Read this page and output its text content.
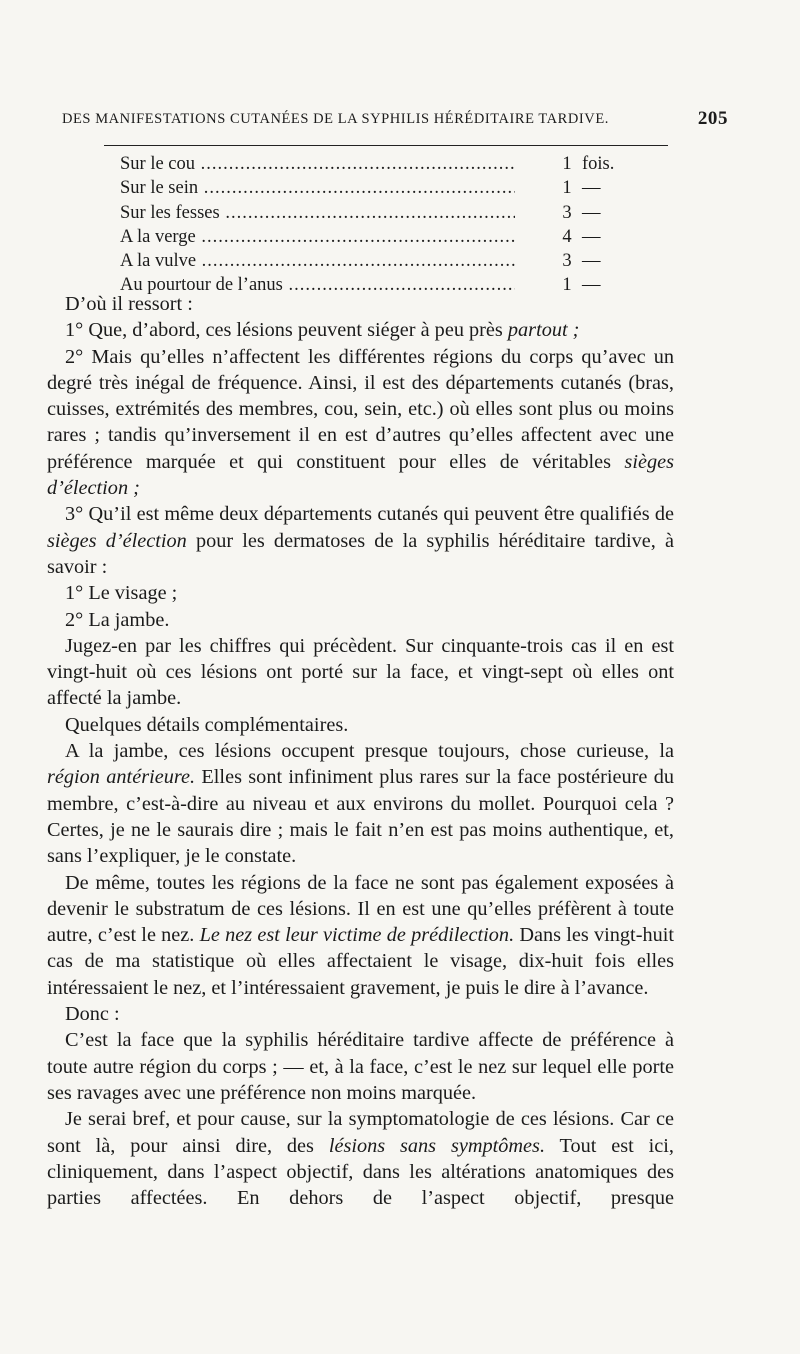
DES MANIFESTATIONS CUTANÉES DE LA SYPHILIS HÉRÉDITAIRE TARDIVE.	205
Sur le cou .....	1 fois.
Sur le sein .....	1 —
Sur les fesses .....	3 —
A la verge .....	4 —
A la vulve .....	3 —
Au pourtour de l’anus .....	1 —

D’où il ressort :

1° Que, d’abord, ces lésions peuvent siéger à peu près partout ;

2° Mais qu’elles n’affectent les différentes régions du corps qu’avec un degré très inégal de fréquence. Ainsi, il est des départements cutanés (bras, cuisses, extrémités des membres, cou, sein, etc.) où elles sont plus ou moins rares ; tandis qu’inversement il en est d’autres qu’elles affectent avec une préférence marquée et qui constituent pour elles de véritables sièges d’élection ;

3° Qu’il est même deux départements cutanés qui peuvent être qualifiés de sièges d’élection pour les dermatoses de la syphilis héréditaire tardive, à savoir :

1° Le visage ;

2° La jambe.

Jugez-en par les chiffres qui précèdent. Sur cinquante-trois cas il en est vingt-huit où ces lésions ont porté sur la face, et vingt-sept où elles ont affecté la jambe.

Quelques détails complémentaires.

A la jambe, ces lésions occupent presque toujours, chose curieuse, la région antérieure. Elles sont infiniment plus rares sur la face postérieure du membre, c’est-à-dire au niveau et aux environs du mollet. Pourquoi cela ? Certes, je ne le saurais dire ; mais le fait n’en est pas moins authentique, et, sans l’expliquer, je le constate.

De même, toutes les régions de la face ne sont pas également exposées à devenir le substratum de ces lésions. Il en est une qu’elles préfèrent à toute autre, c’est le nez. Le nez est leur victime de prédilection. Dans les vingt-huit cas de ma statistique où elles affectaient le visage, dix-huit fois elles intéressaient le nez, et l’intéressaient gravement, je puis le dire à l’avance.

Donc :

C’est la face que la syphilis héréditaire tardive affecte de préférence à toute autre région du corps ; — et, à la face, c’est le nez sur lequel elle porte ses ravages avec une préférence non moins marquée.

Je serai bref, et pour cause, sur la symptomatologie de ces lésions. Car ce sont là, pour ainsi dire, des lésions sans symptômes. Tout est ici, cliniquement, dans l’aspect objectif, dans les altérations anatomiques des parties affectées. En dehors de l’aspect objectif, presque
